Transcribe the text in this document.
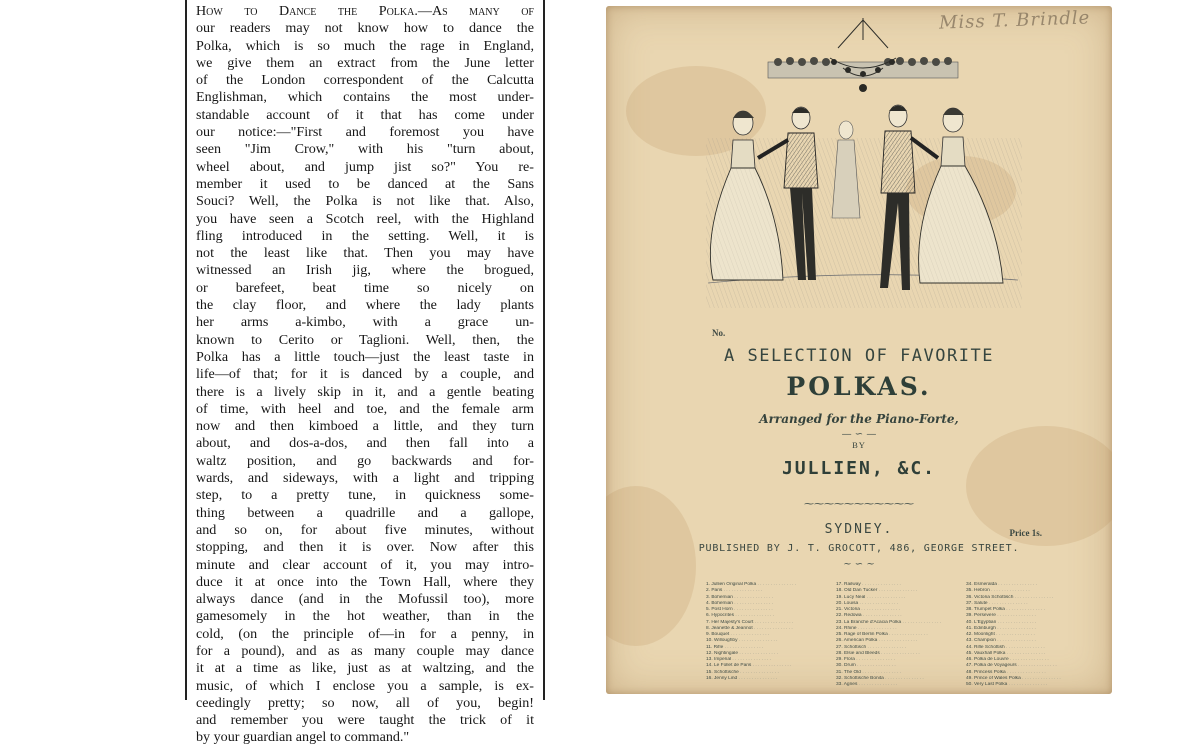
How to Dance the Polka.—As many of
our readers may not know how to dance the
Polka, which is so much the rage in England,
we give them an extract from the June letter
of the London correspondent of the Calcutta
Englishman, which contains the most under-
standable account of it that has come under
our notice:—"First and foremost you have
seen "Jim Crow," with his "turn about,
wheel about, and jump jist so?" You re-
member it used to be danced at the Sans
Souci? Well, the Polka is not like that. Also,
you have seen a Scotch reel, with the Highland
fling introduced in the setting. Well, it is
not the least like that. Then you may have
witnessed an Irish jig, where the brogued,
or barefeet, beat time so nicely on
the clay floor, and where the lady plants
her arms a-kimbo, with a grace un-
known to Cerito or Taglioni. Well, then, the
Polka has a little touch—just the least taste in
life—of that; for it is danced by a couple, and
there is a lively skip in it, and a gentle beating
of time, with heel and toe, and the female arm
now and then kimboed a little, and they turn
about, and dos-a-dos, and then fall into a
waltz position, and go backwards and for-
wards, and sideways, with a light and tripping
step, to a pretty tune, in quickness some-
thing between a quadrille and a gallope,
and so on, for about five minutes, without
stopping, and then it is over. Now after this
minute and clear account of it, you may intro-
duce it at once into the Town Hall, where they
always dance (and in the Mofussil too), more
gamesomely in the hot weather, than in the
cold, (on the principle of—in for a penny, in
for a pound), and as as many couple may dance
it at a time as like, just as at waltzing, and the
music, of which I enclose you a sample, is ex-
ceedingly pretty; so now, all of you, begin!
and remember you were taught the trick of it
by your guardian angel to command."
Miss T. Brindle
No.
A SELECTION OF FAVORITE
POLKAS.
Arranged for the Piano-Forte,
— ∽ —
BY
JULLIEN, &C.
⁓⁓⁓⁓⁓⁓⁓⁓⁓⁓⁓
SYDNEY.	Price 1s.
PUBLISHED BY J. T. GROCOTT, 486, GEORGE STREET.
~ ∽ ~
1. Jullien Original Polka . . .
2. Paris . . .
3. Bohemian . . .
4. Bohemian . . .
5. Post Horn . . .
6. Hypocrites . . .
7. Her Majesty's Court . . .
8. Jeanette & Jeannot . . .
9. Bouquet . . .
10. Willoughby . . .
11. Rifle . . .
12. Nightingale . . .
13. Imperial . . .
14. Le Follet de Paris . . .
15. Schottische . . .
16. Jenny Lind . . .
17. Railway . . .
18. Old Dan Tucker . . .
19. Lucy Neal . . .
20. Louisa . . .
21. Victoria . . .
22. Redowa . . .
23. La Branche d'Acacia Polka . . .
24. Rhine . . .
25. Rage of Berlin Polka . . .
26. American Polka . . .
27. Schottisch . . .
28. Elsie and Bleeds . . .
29. Flora . . .
30. Drum . . .
31. The Old . . .
32. Schottische Bonita . . .
33. Agnes . . .
34. Esmeralda . . .
35. Hebron . . .
36. Victoria Schottisch . . .
37. Salute . . .
38. Trumpet Polka . . .
39. Persevere . . .
40. L'Egyptian . . .
41. Edinburgh . . .
42. Moonlight . . .
43. Champion . . .
44. Rifle Schottish . . .
45. Vauxhall Polka . . .
46. Polka de Louvre . . .
47. Polka de Voyageurs . . .
48. Princess Polka . . .
49. Prince of Wales Polka . . .
50. Very Last Polka . . .
